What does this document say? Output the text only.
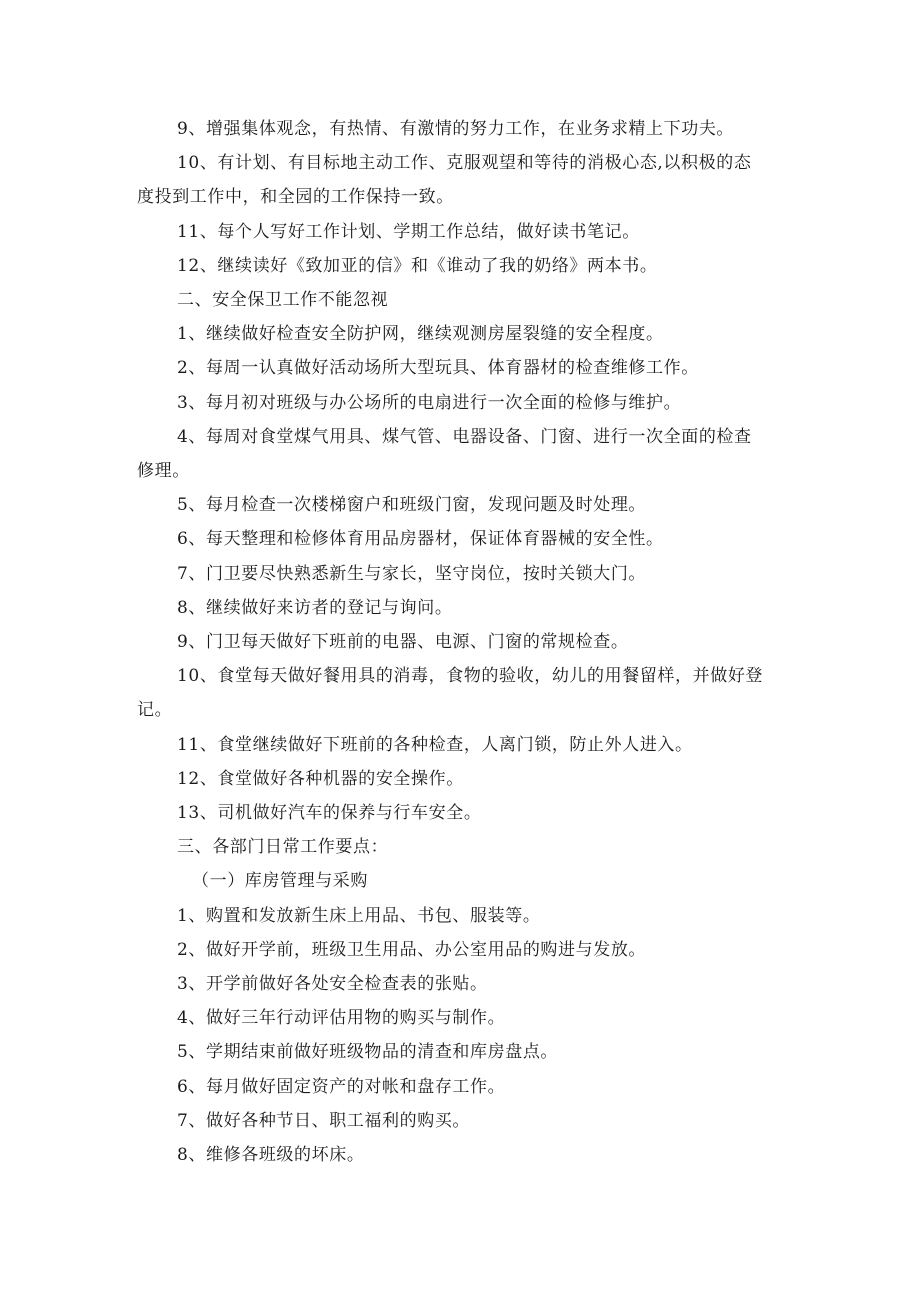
9、增强集体观念，有热情、有激情的努力工作，在业务求精上下功夫。
10、有计划、有目标地主动工作、克服观望和等待的消极心态,以积极的态
度投到工作中，和全园的工作保持一致。
11、每个人写好工作计划、学期工作总结，做好读书笔记。
12、继续读好《致加亚的信》和《谁动了我的奶络》两本书。
二、安全保卫工作不能忽视
1、继续做好检查安全防护网，继续观测房屋裂缝的安全程度。
2、每周一认真做好活动场所大型玩具、体育器材的检查维修工作。
3、每月初对班级与办公场所的电扇进行一次全面的检修与维护。
4、每周对食堂煤气用具、煤气管、电器设备、门窗、进行一次全面的检查
修理。
5、每月检查一次楼梯窗户和班级门窗，发现问题及时处理。
6、每天整理和检修体育用品房器材，保证体育器械的安全性。
7、门卫要尽快熟悉新生与家长，坚守岗位，按时关锁大门。
8、继续做好来访者的登记与询问。
9、门卫每天做好下班前的电器、电源、门窗的常规检查。
10、食堂每天做好餐用具的消毒，食物的验收，幼儿的用餐留样，并做好登
记。
11、食堂继续做好下班前的各种检查，人离门锁，防止外人进入。
12、食堂做好各种机器的安全操作。
13、司机做好汽车的保养与行车安全。
三、各部门日常工作要点：
（一）库房管理与采购
1、购置和发放新生床上用品、书包、服装等。
2、做好开学前，班级卫生用品、办公室用品的购进与发放。
3、开学前做好各处安全检查表的张贴。
4、做好三年行动评估用物的购买与制作。
5、学期结束前做好班级物品的清查和库房盘点。
6、每月做好固定资产的对帐和盘存工作。
7、做好各种节日、职工福利的购买。
8、维修各班级的坏床。
